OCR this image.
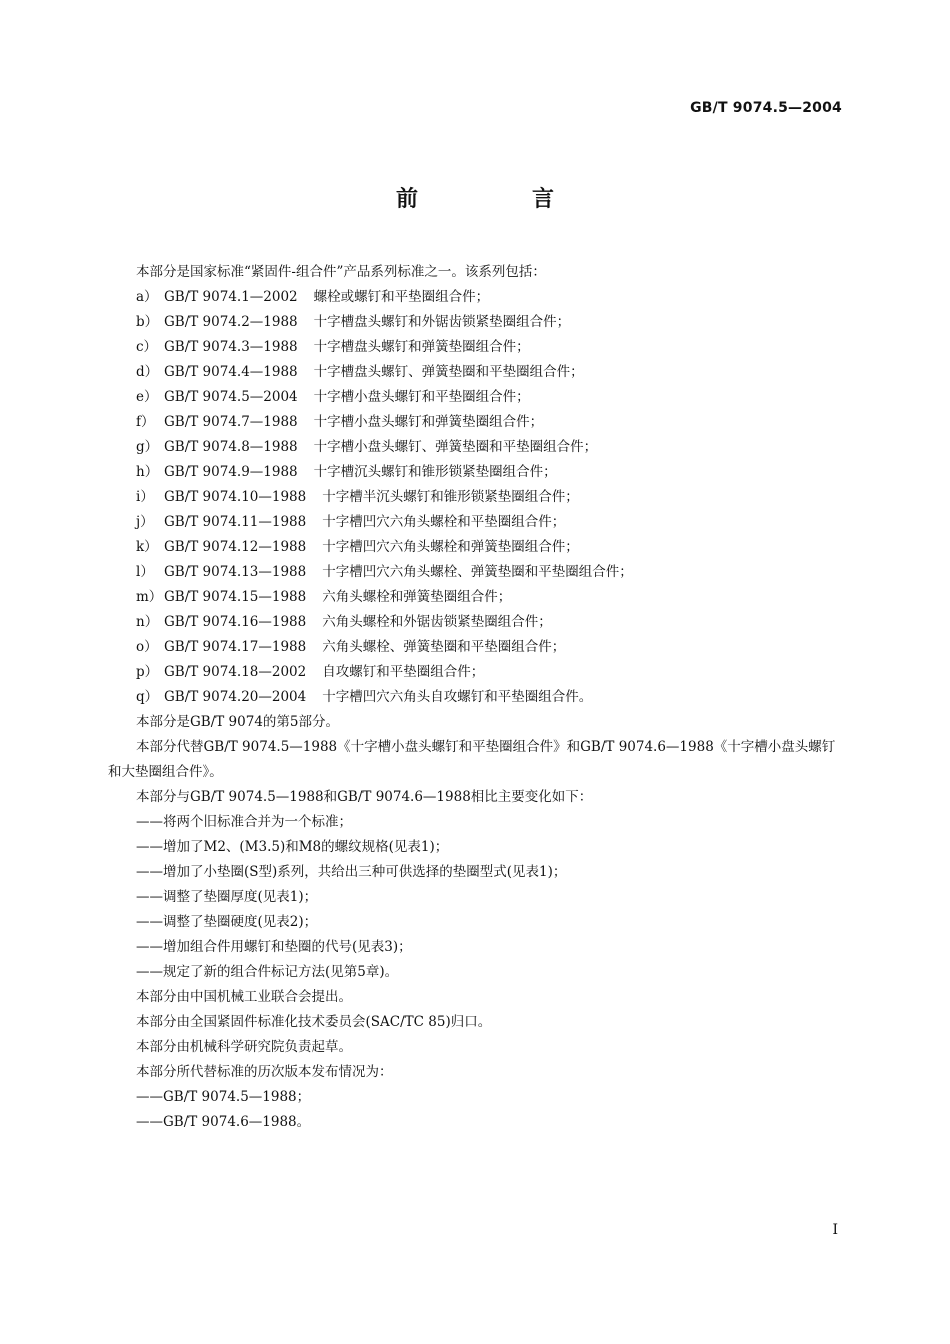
GB/T 9074.5—2004
前　言

本部分是国家标准“紧固件-组合件”产品系列标准之一。该系列包括：

a） GB/T 9074.1—2002 螺栓或螺钉和平垫圈组合件；
b） GB/T 9074.2—1988 十字槽盘头螺钉和外锯齿锁紧垫圈组合件；
c） GB/T 9074.3—1988 十字槽盘头螺钉和弹簧垫圈组合件；
d） GB/T 9074.4—1988 十字槽盘头螺钉、弹簧垫圈和平垫圈组合件；
e） GB/T 9074.5—2004 十字槽小盘头螺钉和平垫圈组合件；
f） GB/T 9074.7—1988 十字槽小盘头螺钉和弹簧垫圈组合件；
g） GB/T 9074.8—1988 十字槽小盘头螺钉、弹簧垫圈和平垫圈组合件；
h） GB/T 9074.9—1988 十字槽沉头螺钉和锥形锁紧垫圈组合件；
i） GB/T 9074.10—1988 十字槽半沉头螺钉和锥形锁紧垫圈组合件；
j） GB/T 9074.11—1988 十字槽凹穴六角头螺栓和平垫圈组合件；
k） GB/T 9074.12—1988 十字槽凹穴六角头螺栓和弹簧垫圈组合件；
l） GB/T 9074.13—1988 十字槽凹穴六角头螺栓、弹簧垫圈和平垫圈组合件；
m） GB/T 9074.15—1988 六角头螺栓和弹簧垫圈组合件；
n） GB/T 9074.16—1988 六角头螺栓和外锯齿锁紧垫圈组合件；
o） GB/T 9074.17—1988 六角头螺栓、弹簧垫圈和平垫圈组合件；
p） GB/T 9074.18—2002 自攻螺钉和平垫圈组合件；
q） GB/T 9074.20—2004 十字槽凹穴六角头自攻螺钉和平垫圈组合件。

本部分是GB/T 9074的第5部分。

本部分代替GB/T 9074.5—1988《十字槽小盘头螺钉和平垫圈组合件》和GB/T 9074.6—1988《十字槽小盘头螺钉和大垫圈组合件》。

本部分与GB/T 9074.5—1988和GB/T 9074.6—1988相比主要变化如下：

——将两个旧标准合并为一个标准；

——增加了M2、(M3.5)和M8的螺纹规格(见表1)；

——增加了小垫圈(S型)系列，共给出三种可供选择的垫圈型式(见表1)；

——调整了垫圈厚度(见表1)；

——调整了垫圈硬度(见表2)；

——增加组合件用螺钉和垫圈的代号(见表3)；

——规定了新的组合件标记方法(见第5章)。

本部分由中国机械工业联合会提出。

本部分由全国紧固件标准化技术委员会(SAC/TC 85)归口。

本部分由机械科学研究院负责起草。

本部分所代替标准的历次版本发布情况为：

——GB/T 9074.5—1988；

——GB/T 9074.6—1988。

I
